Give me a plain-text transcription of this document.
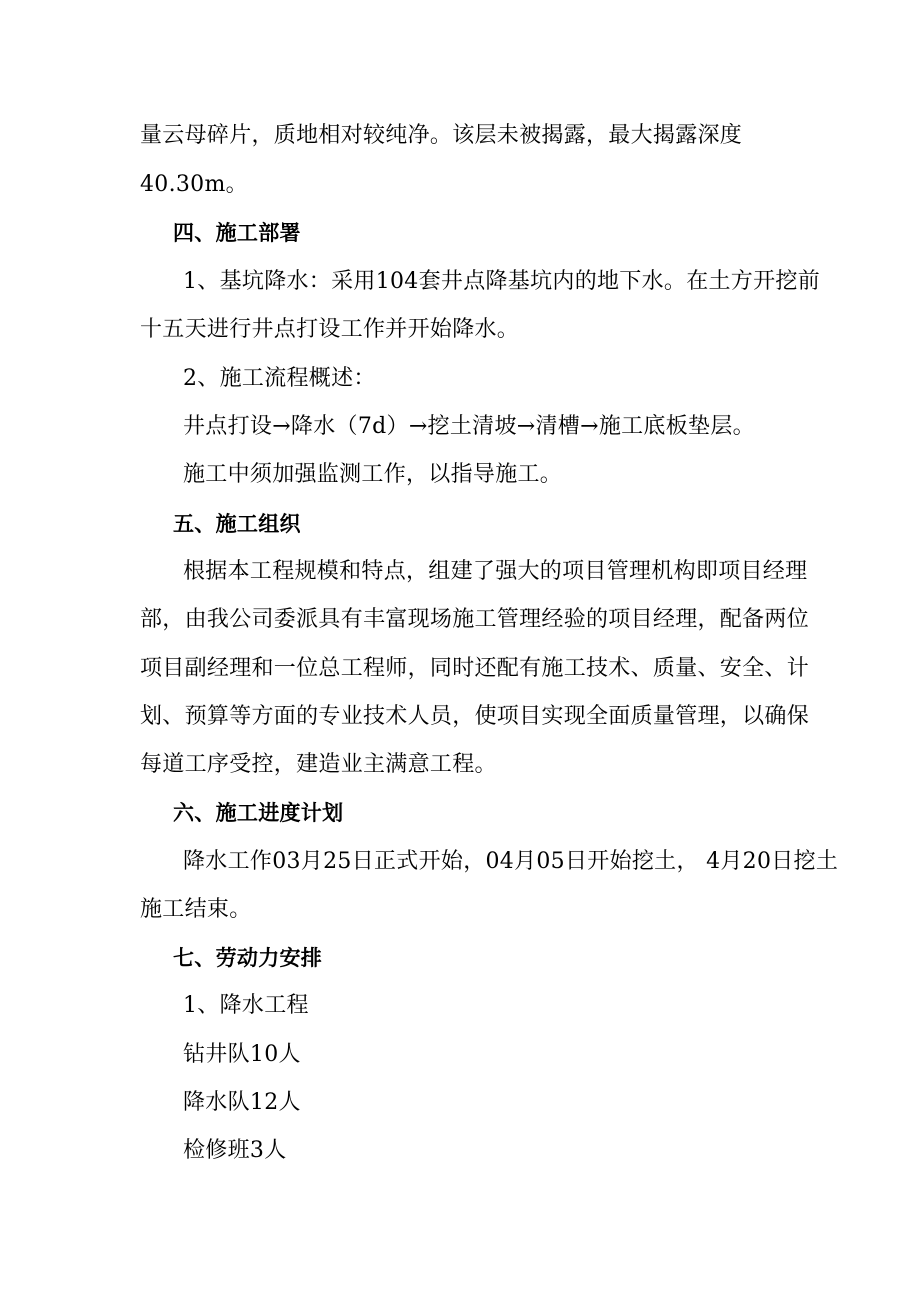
量云母碎片，质地相对较纯净。该层未被揭露，最大揭露深度
40.30m。
四、施工部署
1、基坑降水：采用104套井点降基坑内的地下水。在土方开挖前
十五天进行井点打设工作并开始降水。
2、施工流程概述：
井点打设→降水（7d）→挖土清坡→清槽→施工底板垫层。
施工中须加强监测工作，以指导施工。
五、施工组织
根据本工程规模和特点，组建了强大的项目管理机构即项目经理
部，由我公司委派具有丰富现场施工管理经验的项目经理，配备两位
项目副经理和一位总工程师，同时还配有施工技术、质量、安全、计
划、预算等方面的专业技术人员，使项目实现全面质量管理，以确保
每道工序受控，建造业主满意工程。
六、施工进度计划
降水工作03月25日正式开始，04月05日开始挖土， 4月20日挖土
施工结束。
七、劳动力安排
1、降水工程
钻井队10人
降水队12人
检修班3人
